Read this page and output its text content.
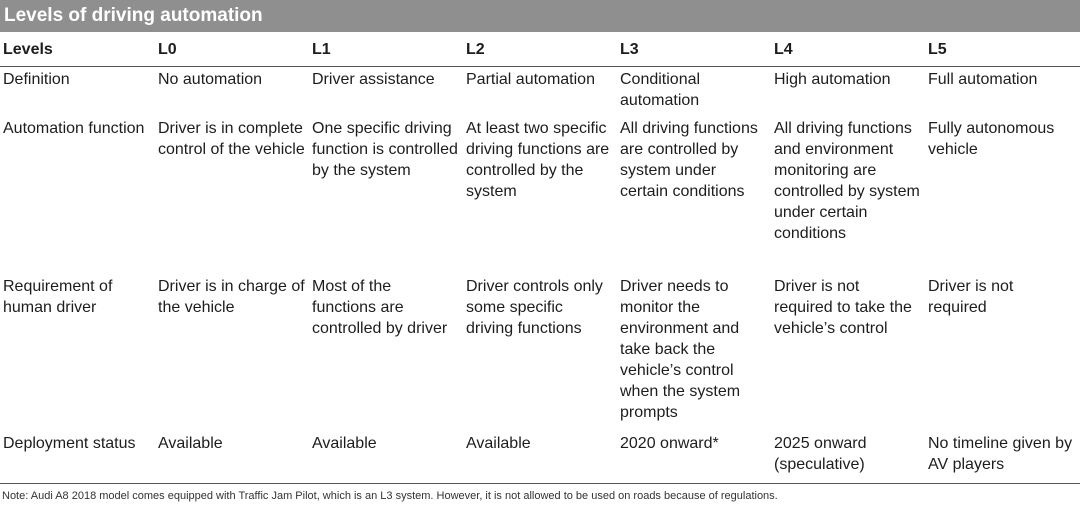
Levels of driving automation
Levels	L0	L1	L2	L3	L4	L5
Definition	No automation	Driver assistance	Partial automation	Conditional automation	High automation	Full automation
Automation function	Driver is in complete control of the vehicle	One specific driving function is controlled by the system	At least two specific driving functions are controlled by the system	All driving functions are controlled by system under certain conditions	All driving functions and environment monitoring are controlled by system under certain conditions	Fully autonomous vehicle
Requirement of human driver	Driver is in charge of the vehicle	Most of the functions are controlled by driver	Driver controls only some specific driving functions	Driver needs to monitor the environment and take back the vehicle’s control when the system prompts	Driver is not required to take the vehicle’s control	Driver is not required
Deployment status	Available	Available	Available	2020 onward*	2025 onward (speculative)	No timeline given by AV players
Note: Audi A8 2018 model comes equipped with Traffic Jam Pilot, which is an L3 system. However, it is not allowed to be used on roads because of regulations.
